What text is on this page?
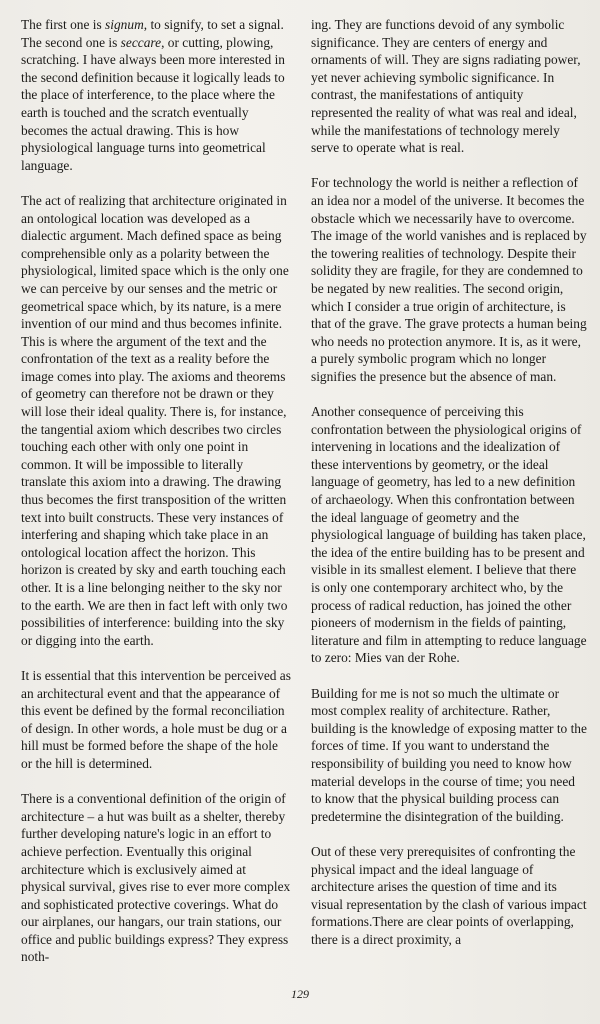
The first one is signum, to signify, to set a signal. The second one is seccare, or cutting, plowing, scratching. I have always been more interested in the second definition because it logically leads to the place of interference, to the place where the earth is touched and the scratch eventually becomes the actual drawing. This is how physiological language turns into geometrical language.

The act of realizing that architecture originated in an ontological location was developed as a dialectic argument. Mach defined space as being comprehensible only as a polarity between the physiological, limited space which is the only one we can perceive by our senses and the metric or geometrical space which, by its nature, is a mere invention of our mind and thus becomes infinite. This is where the argument of the text and the confrontation of the text as a reality before the image comes into play. The axioms and theorems of geometry can therefore not be drawn or they will lose their ideal quality. There is, for instance, the tangential axiom which describes two circles touching each other with only one point in common. It will be impossible to literally translate this axiom into a drawing. The drawing thus becomes the first transposition of the written text into built constructs. These very instances of interfering and shaping which take place in an ontological location affect the horizon. This horizon is created by sky and earth touching each other. It is a line belonging neither to the sky nor to the earth. We are then in fact left with only two possibilities of interference: building into the sky or digging into the earth.

It is essential that this intervention be perceived as an architectural event and that the appearance of this event be defined by the formal reconciliation of design. In other words, a hole must be dug or a hill must be formed before the shape of the hole or the hill is determined.

There is a conventional definition of the origin of architecture – a hut was built as a shelter, thereby further developing nature's logic in an effort to achieve perfection. Eventually this original architecture which is exclusively aimed at physical survival, gives rise to ever more complex and sophisticated protective coverings. What do our airplanes, our hangars, our train stations, our office and public buildings express? They express noth-

ing. They are functions devoid of any symbolic significance. They are centers of energy and ornaments of will. They are signs radiating power, yet never achieving symbolic significance. In contrast, the manifestations of antiquity represented the reality of what was real and ideal, while the manifestations of technology merely serve to operate what is real.

For technology the world is neither a reflection of an idea nor a model of the universe. It becomes the obstacle which we necessarily have to overcome. The image of the world vanishes and is replaced by the towering realities of technology. Despite their solidity they are fragile, for they are condemned to be negated by new realities. The second origin, which I consider a true origin of architecture, is that of the grave. The grave protects a human being who needs no protection anymore. It is, as it were, a purely symbolic program which no longer signifies the presence but the absence of man.

Another consequence of perceiving this confrontation between the physiological origins of intervening in locations and the idealization of these interventions by geometry, or the ideal language of geometry, has led to a new definition of archaeology. When this confrontation between the ideal language of geometry and the physiological language of building has taken place, the idea of the entire building has to be present and visible in its smallest element. I believe that there is only one contemporary architect who, by the process of radical reduction, has joined the other pioneers of modernism in the fields of painting, literature and film in attempting to reduce language to zero: Mies van der Rohe.

Building for me is not so much the ultimate or most complex reality of architecture. Rather, building is the knowledge of exposing matter to the forces of time. If you want to understand the responsibility of building you need to know how material develops in the course of time; you need to know that the physical building process can predetermine the disintegration of the building.

Out of these very prerequisites of confronting the physical impact and the ideal language of architecture arises the question of time and its visual representation by the clash of various impact formations.There are clear points of overlapping, there is a direct proximity, a

129
